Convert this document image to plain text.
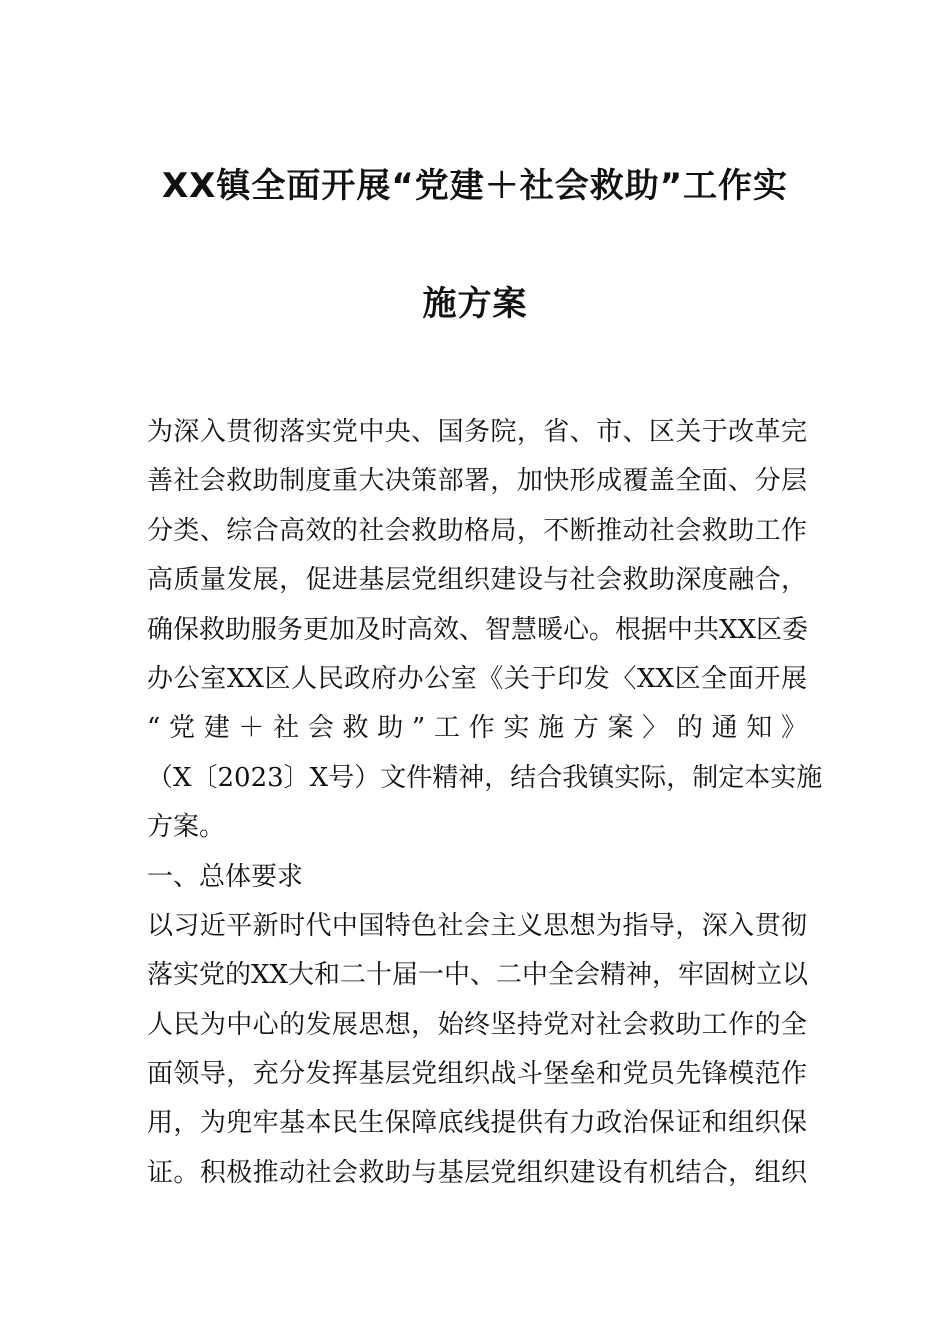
XX镇全面开展“党建＋社会救助”工作实
施方案

为深入贯彻落实党中央、国务院，省、市、区关于改革完

善社会救助制度重大决策部署，加快形成覆盖全面、分层

分类、综合高效的社会救助格局，不断推动社会救助工作

高质量发展，促进基层党组织建设与社会救助深度融合，

确保救助服务更加及时高效、智慧暖心。根据中共XX区委

办公室XX区人民政府办公室《关于印发〈XX区全面开展

“党建＋社会救助”工作实施方案〉的通知》

（X〔2023〕X号）文件精神，结合我镇实际，制定本实施

方案。

一、总体要求

以习近平新时代中国特色社会主义思想为指导，深入贯彻

落实党的XX大和二十届一中、二中全会精神，牢固树立以

人民为中心的发展思想，始终坚持党对社会救助工作的全

面领导，充分发挥基层党组织战斗堡垒和党员先锋模范作

用，为兜牢基本民生保障底线提供有力政治保证和组织保

证。积极推动社会救助与基层党组织建设有机结合，组织
